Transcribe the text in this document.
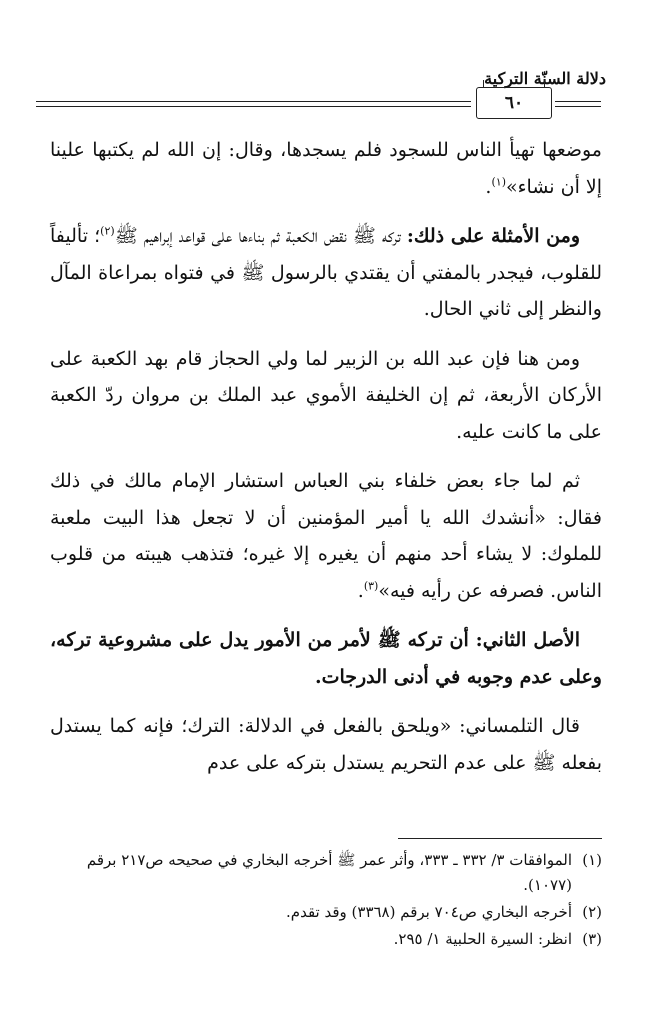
دلالة السنّة التركية
٦٠

موضعها تهيأ الناس للسجود فلم يسجدها، وقال: إن الله لم يكتبها علينا إلا أن نشاء»$^{(١)}$.

ومن الأمثلة على ذلك: تركه ﷺ نقض الكعبة ثم بناءها على قواعد إبراهيم ﷺ$^{(٢)}$؛ تأليفاً للقلوب، فيجدر بالمفتي أن يقتدي بالرسول ﷺ في فتواه بمراعاة المآل والنظر إلى ثاني الحال.

ومن هنا فإن عبد الله بن الزبير لما ولي الحجاز قام بهد الكعبة على الأركان الأربعة، ثم إن الخليفة الأموي عبد الملك بن مروان ردّ الكعبة على ما كانت عليه.

ثم لما جاء بعض خلفاء بني العباس استشار الإمام مالك في ذلك فقال: «أنشدك الله يا أمير المؤمنين أن لا تجعل هذا البيت ملعبة للملوك: لا يشاء أحد منهم أن يغيره إلا غيره؛ فتذهب هيبته من قلوب الناس. فصرفه عن رأيه فيه»$^{(٣)}$.

الأصل الثاني: أن تركه ﷺ لأمر من الأمور يدل على مشروعية تركه، وعلى عدم وجوبه في أدنى الدرجات.

قال التلمساني: «ويلحق بالفعل في الدلالة: الترك؛ فإنه كما يستدل بفعله ﷺ على عدم التحريم يستدل بتركه على عدم

(١)
الموافقات ٣/ ٣٣٢ ـ ٣٣٣، وأثر عمر ﷺ أخرجه البخاري في صحيحه ص٢١٧ برقم (١٠٧٧).
(٢)
أخرجه البخاري ص٧٠٤ برقم (٣٣٦٨) وقد تقدم.
(٣)
انظر: السيرة الحلبية ١/ ٢٩٥.
